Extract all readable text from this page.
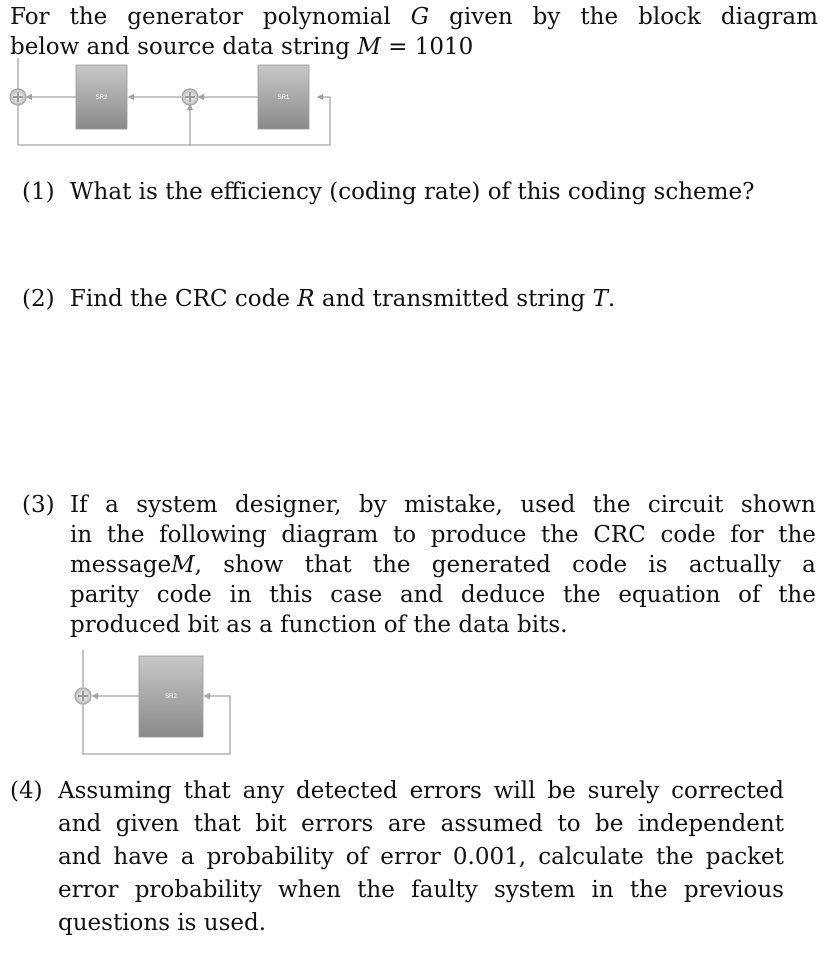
For the generator polynomial G given by the block diagram
below and source data string M = 1010
SR2	SR1
SR2
(1) What is the efficiency (coding rate) of this coding scheme?
(2) Find the CRC code R and transmitted string T.
(3) If a system designer, by mistake, used the circuit shown
in the following diagram to produce the CRC code for the
message M, show that the generated code is actually a
parity code in this case and deduce the equation of the
produced bit as a function of the data bits.
(4) Assuming that any detected errors will be surely corrected
and given that bit errors are assumed to be independent
and have a probability of error 0.001, calculate the packet
error probability when the faulty system in the previous
questions is used.
